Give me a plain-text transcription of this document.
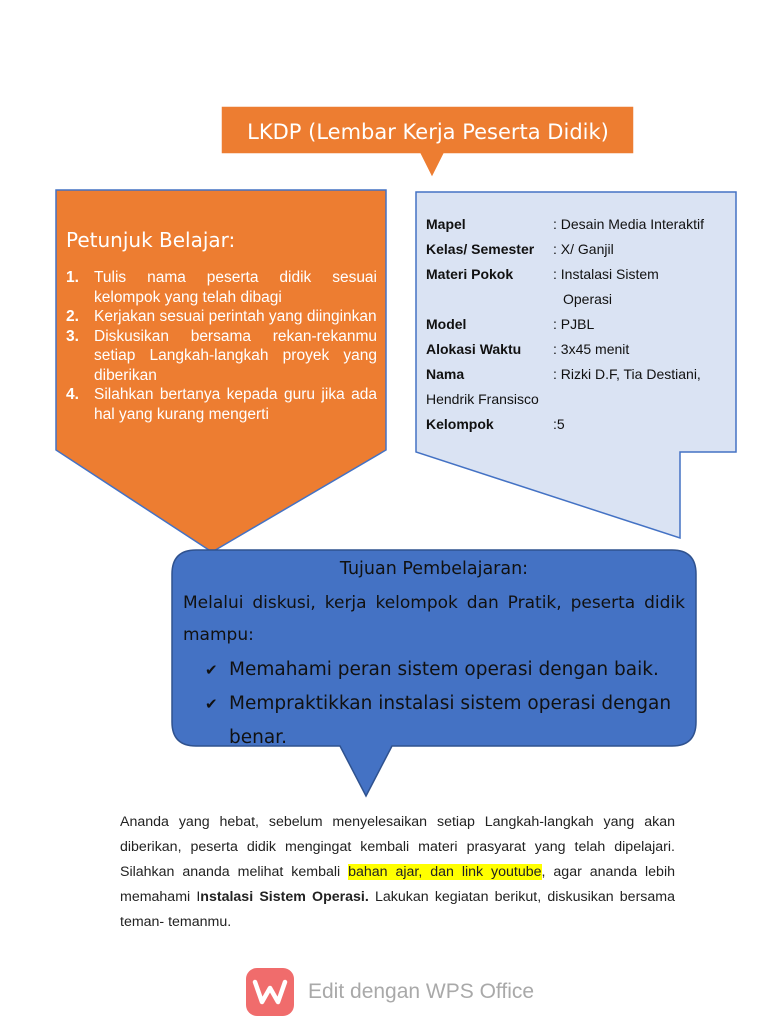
LKDP (Lembar Kerja Peserta Didik)
Petunjuk Belajar:
1. Tulis nama peserta didik sesuai kelompok yang telah dibagi
2. Kerjakan sesuai perintah yang diinginkan
3. Diskusikan bersama rekan-rekanmu setiap Langkah-langkah proyek yang diberikan
4. Silahkan bertanya kepada guru jika ada hal yang kurang mengerti
Mapel	: Desain Media Interaktif
Kelas/ Semester : X/ Ganjil
Materi Pokok	: Instalasi Sistem
Operasi
Model	: PJBL
Alokasi Waktu : 3x45 menit
Nama	: Rizki D.F, Tia Destiani,
Hendrik Fransisco
Kelompok	:5
Tujuan Pembelajaran:
Melalui diskusi, kerja kelompok dan Pratik, peserta didik mampu:
✔ Memahami peran sistem operasi dengan baik.
✔ Mempraktikkan instalasi sistem operasi dengan benar.

Ananda yang hebat, sebelum menyelesaikan setiap Langkah-langkah yang akan diberikan, peserta didik mengingat kembali materi prasyarat yang telah dipelajari. Silahkan ananda melihat kembali bahan ajar, dan link youtube, agar ananda lebih memahami Instalasi Sistem Operasi. Lakukan kegiatan berikut, diskusikan bersama teman- temanmu.

Edit dengan WPS Office
